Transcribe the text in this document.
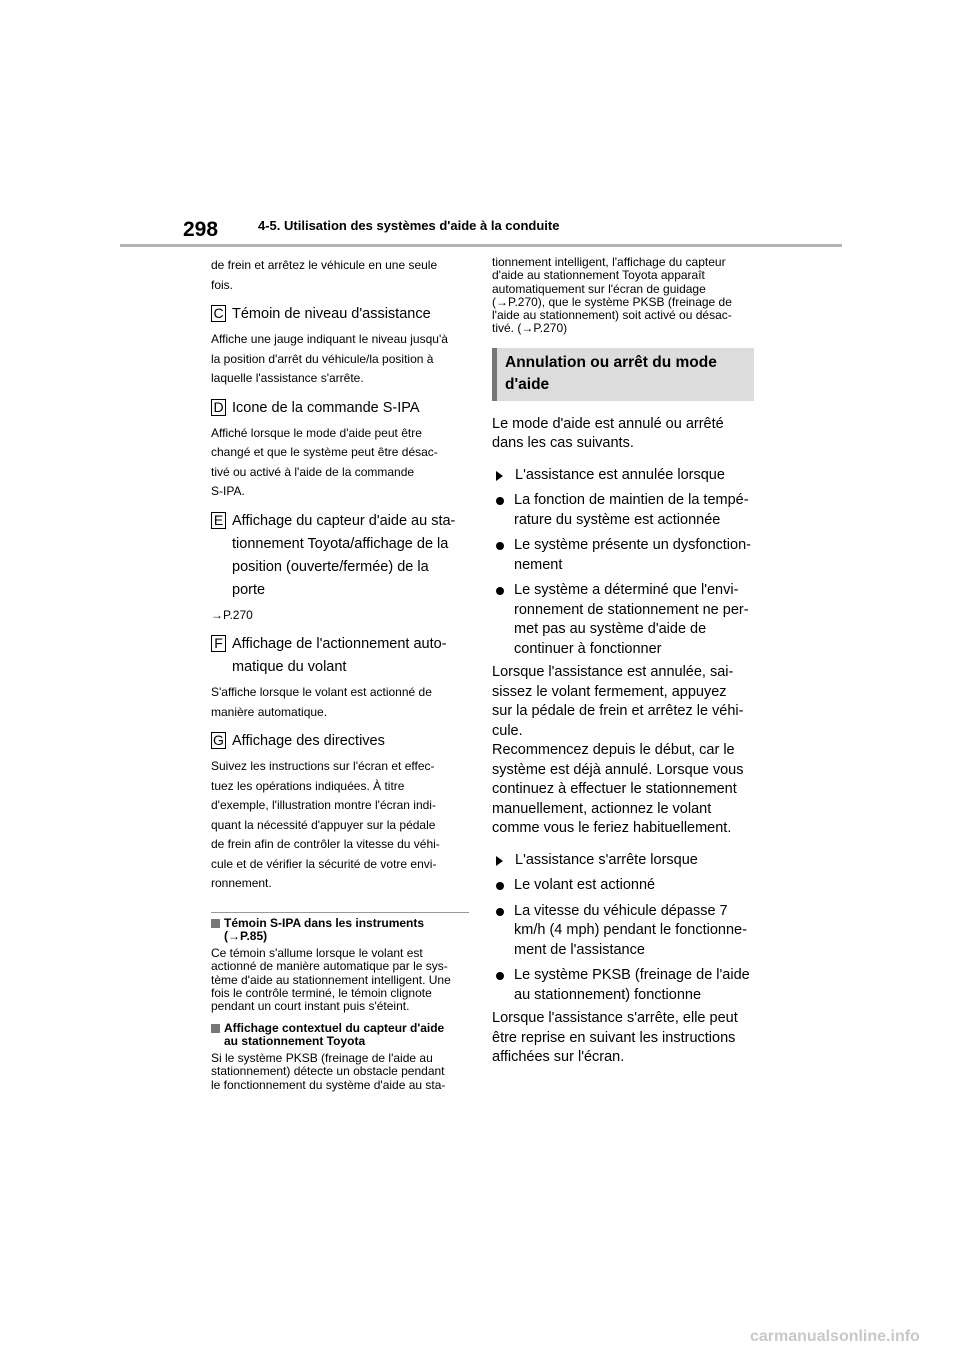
298	4-5. Utilisation des systèmes d'aide à la conduite

de frein et arrêtez le véhicule en une seule

fois.

C Témoin de niveau d'assistance

Affiche une jauge indiquant le niveau jusqu'à

la position d'arrêt du véhicule/la position à

laquelle l'assistance s'arrête.

D Icone de la commande S-IPA

Affiché lorsque le mode d'aide peut être

changé et que le système peut être désac-

tivé ou activé à l'aide de la commande

S-IPA.

E Affichage du capteur d'aide au sta-
tionnement Toyota/affichage de la
position (ouverte/fermée) de la
porte

→P.270

F Affichage de l'actionnement auto-
matique du volant

S'affiche lorsque le volant est actionné de

manière automatique.

G Affichage des directives

Suivez les instructions sur l'écran et effec-

tuez les opérations indiquées. À titre

d'exemple, l'illustration montre l'écran indi-

quant la nécessité d'appuyer sur la pédale

de frein afin de contrôler la vitesse du véhi-

cule et de vérifier la sécurité de votre envi-

ronnement.

Témoin S-IPA dans les instruments
(→P.85)

Ce témoin s'allume lorsque le volant est

actionné de manière automatique par le sys-

tème d'aide au stationnement intelligent. Une

fois le contrôle terminé, le témoin clignote

pendant un court instant puis s'éteint.

Affichage contextuel du capteur d'aide
au stationnement Toyota

Si le système PKSB (freinage de l'aide au

stationnement) détecte un obstacle pendant

le fonctionnement du système d'aide au sta-

tionnement intelligent, l'affichage du capteur

d'aide au stationnement Toyota apparaît

automatiquement sur l'écran de guidage

(→P.270), que le système PKSB (freinage de

l'aide au stationnement) soit activé ou désac-

tivé. (→P.270)

Annulation ou arrêt du mode
d'aide

Le mode d'aide est annulé ou arrêté

dans les cas suivants.

L'assistance est annulée lorsque
La fonction de maintien de la tempé-
rature du système est actionnée
Le système présente un dysfonction-
nement
Le système a déterminé que l'envi-
ronnement de stationnement ne per-
met pas au système d'aide de
continuer à fonctionner

Lorsque l'assistance est annulée, sai-

sissez le volant fermement, appuyez

sur la pédale de frein et arrêtez le véhi-

cule.

Recommencez depuis le début, car le

système est déjà annulé. Lorsque vous

continuez à effectuer le stationnement

manuellement, actionnez le volant

comme vous le feriez habituellement.

L'assistance s'arrête lorsque
Le volant est actionné
La vitesse du véhicule dépasse 7
km/h (4 mph) pendant le fonctionne-
ment de l'assistance
Le système PKSB (freinage de l'aide
au stationnement) fonctionne

Lorsque l'assistance s'arrête, elle peut

être reprise en suivant les instructions

affichées sur l'écran.

carmanualsonline.info
